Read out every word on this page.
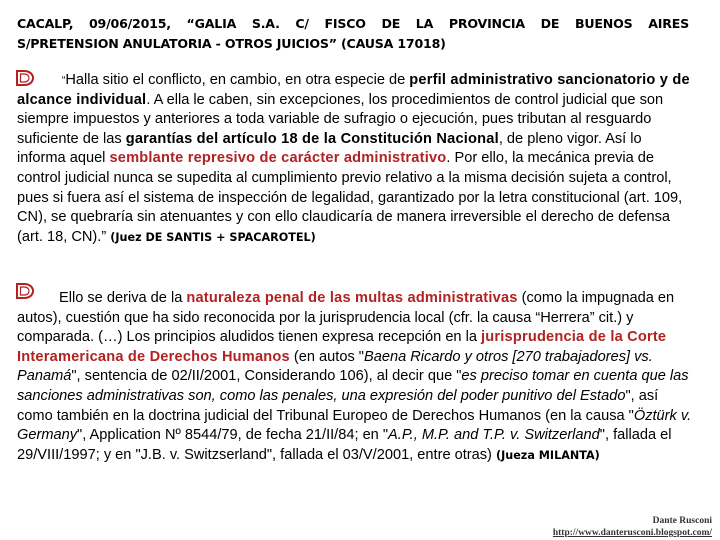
CACALP, 09/06/2015, “GALIA S.A. C/ FISCO DE LA PROVINCIA DE BUENOS AIRES
S/PRETENSION ANULATORIA - OTROS JUICIOS” (CAUSA 17018)
“Halla sitio el conflicto, en cambio, en otra especie de perfil administrativo sancionatorio y de alcance individual. A ella le caben, sin excepciones, los procedimientos de control judicial que son siempre impuestos y anteriores a toda variable de sufragio o ejecución, pues tributan al resguardo suficiente de las garantías del artículo 18 de la Constitución Nacional, de pleno vigor. Así lo informa aquel semblante represivo de carácter administrativo. Por ello, la mecánica previa de control judicial nunca se supedita al cumplimiento previo relativo a la misma decisión sujeta a control, pues si fuera así el sistema de inspección de legalidad, garantizado por la letra constitucional (art. 109, CN), se quebraría sin atenuantes y con ello claudicaría de manera irreversible el derecho de defensa (art. 18, CN).” (Juez DE SANTIS + SPACAROTEL)
Ello se deriva de la naturaleza penal de las multas administrativas (como la impugnada en autos), cuestión que ha sido reconocida por la jurisprudencia local (cfr. la causa “Herrera” cit.) y comparada. (…) Los principios aludidos tienen expresa recepción en la jurisprudencia de la Corte Interamericana de Derechos Humanos (en autos "Baena Ricardo y otros [270 trabajadores] vs. Panamá", sentencia de 02/II/2001, Considerando 106), al decir que "es preciso tomar en cuenta que las sanciones administrativas son, como las penales, una expresión del poder punitivo del Estado", así como también en la doctrina judicial del Tribunal Europeo de Derechos Humanos (en la causa "Öztürk v. Germany", Application Nº 8544/79, de fecha 21/II/84; en "A.P., M.P. and T.P. v. Switzerland", fallada el 29/VIII/1997; y en "J.B. v. Switzserland", fallada el 03/V/2001, entre otras) (Jueza MILANTA)
Dante Rusconi
http://www.danterusconi.blogspot.com/
